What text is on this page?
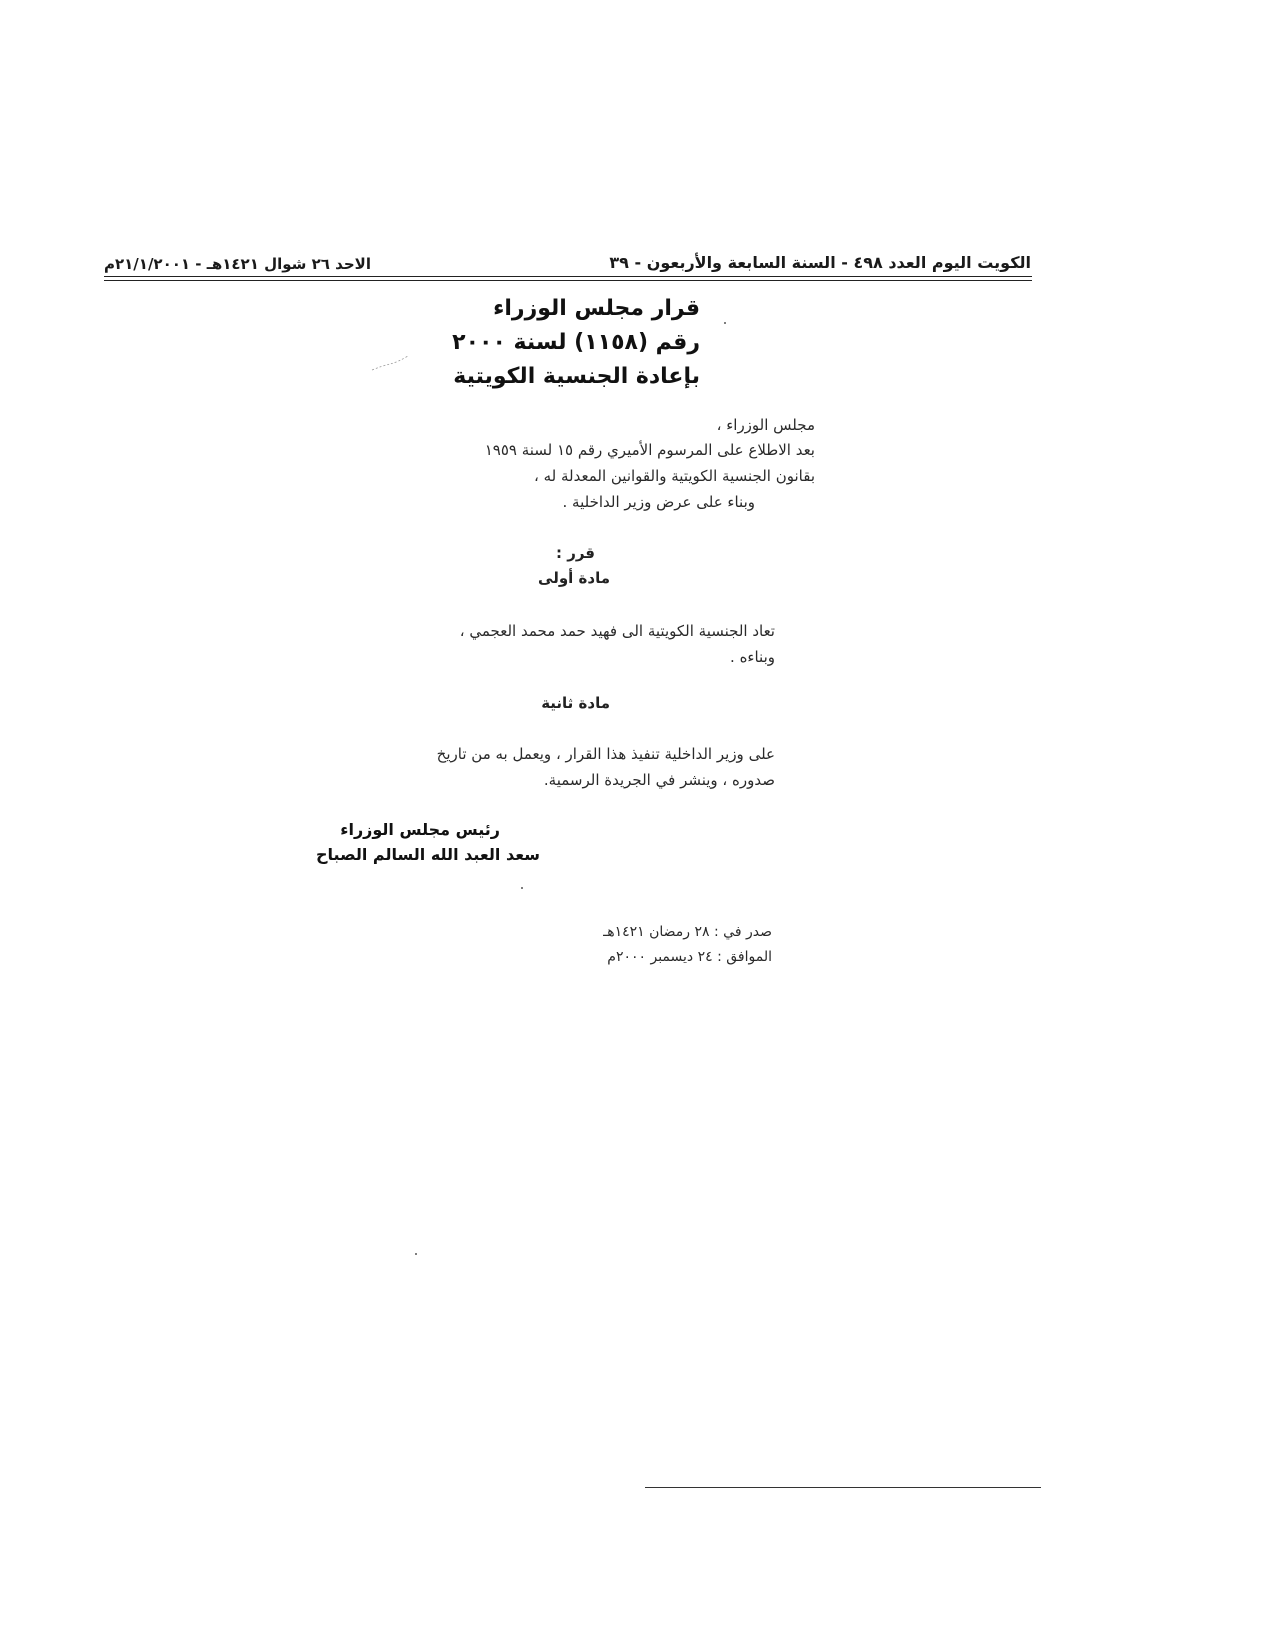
الكويت اليوم العدد ٤٩٨ - السنة السابعة والأربعون - ٣٩
الاحد ٢٦ شوال ١٤٢١هـ - ٢١/١/٢٠٠١م
قرار مجلس الوزراء
رقم (١١٥٨) لسنة ٢٠٠٠
بإعادة الجنسية الكويتية
مجلس الوزراء ،
بعد الاطلاع على المرسوم الأميري رقم ١٥ لسنة ١٩٥٩
بقانون الجنسية الكويتية والقوانين المعدلة له ،
وبناء على عرض وزير الداخلية .
قرر :
مادة أولى
تعاد الجنسية الكويتية الى فهيد حمد محمد العجمي ،
وبناءه .
مادة ثانية
على وزير الداخلية تنفيذ هذا القرار ، ويعمل به من تاريخ
صدوره ، وينشر في الجريدة الرسمية.
رئيس مجلس الوزراء
سعد العبد الله السالم الصباح
صدر في : ٢٨ رمضان ١٤٢١هـ
الموافق : ٢٤ ديسمبر ٢٠٠٠م
